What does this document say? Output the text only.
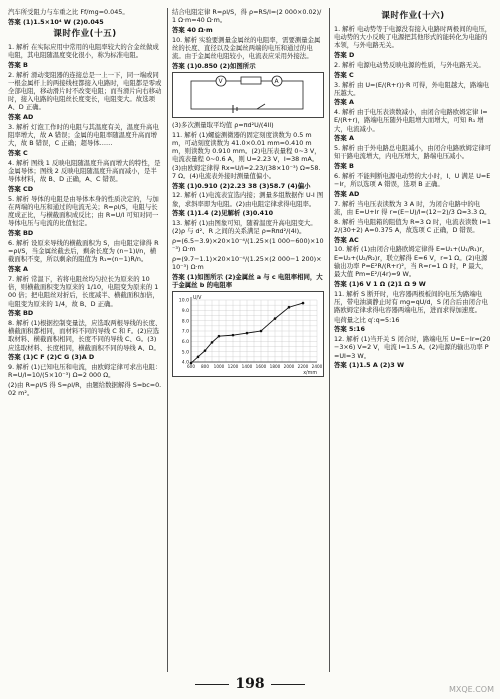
汽车所受阻力与车重之比 Ff/mg=0.045。
答案 (1)1.5×10⁴ W (2)0.045
课时作业(十五)
1. 解析 在实际应用中常用的电阻率较大的合金丝做成电阻，其电阻随温度变化很小，称为标准电阻。
答案 B
2. 解析 滑动变阻器的连接总是一上一下，同一端或同一根金属杆上的两接线柱都接入电路时，电阻都是零或全部电阻，移动滑片时不改变电阻；而当滑片向右移动时，接入电路的电阻丝长度变长，电阻变大。故选项 A、D 正确。
答案 AD
3. 解析 灯泡工作时的电阻与其温度有关，温度升高电阻率增大，故 A 错误；金属的电阻率随温度升高而增大，故 B 错误，C 正确；超导体……
答案 C
4. 解析 图线 1 反映电阻随温度升高而增大的特性，是金属导体；图线 2 反映电阻随温度升高而减小，是半导体材料，故 B、D 正确，A、C 错误。
答案 CD
5. 解析 导体的电阻是由导体本身的性质决定的，与加在两端的电压和通过的电流无关；R=ρl/S，电阻与长度成正比，与横截面积成反比；由 R=U/I 可知对同一导体电压与电流的比值恒定。
答案 BD
6. 解析 设原来导线的横截面积为 S，由电阻定律得 R=ρl/S，当金属丝截去后，剩余长度为 (n−1)l/n，横截面积不变，所以剩余的阻值为 R₁=(n−1)R/n。
答案 A
7. 解析 常温下，若将电阻丝均匀拉长为原来的 10 倍，则横截面积变为原来的 1/10，电阻变为原来的 100 倍；把电阻丝对折后，长度减半、横截面积加倍，电阻变为原来的 1/4，故 B、D 正确。
答案 BD
8. 解析 (1)根据控制变量法，应选取两根导线的长度、横截面积都相同，而材料不同的导线 C 和 F。(2)应选取材料、横截面积相同，长度不同的导线 C、G。(3)应选取材料、长度相同，横截面积不同的导线 A、D。
答案 (1)C F (2)C G (3)A D
9. 解析 (1)已知电压和电流，由欧姆定律可求出电阻：R=U/I=10/(5×10⁻³) Ω=2 000 Ω。
(2)由 R=ρl/S 得 S=ρl/R，由题给数据解得 S=bc=0.02 m²。
结合电阻定律 R=ρl/S，得 ρ=RS/l=(2 000×0.02)/1 Ω·m=40 Ω·m。
答案 40 Ω·m
10. 解析 实验要测量金属丝的电阻率，需要测量金属丝的长度、直径以及金属丝两端的电压和通过的电流。由于金属丝电阻较小，电流表应采用外接法。
答案 (1)0.850 (2)如图所示
V	A
(3)多次测量取平均值 ρ=πd²U/(4Il)
11. 解析 (1)螺旋测微器的固定刻度读数为 0.5 mm，可动刻度读数为 41.0×0.01 mm=0.410 mm，则读数为 0.910 mm。(2)电压表量程 0~3 V，电流表量程 0~0.6 A，则 U=2.23 V，I=38 mA。(3)由欧姆定律得 Rx=U/I=2.23/(38×10⁻³) Ω≈58.7 Ω。(4)电流表外接时测量值偏小。
答案 (1)0.910 (2)2.23 38 (3)58.7 (4)偏小
12. 解析 (1)电流表宜选内接；测量多组数据作 U-I 图象，求斜率即为电阻。(2)由电阻定律求得电阻率。
答案 (1)1.4 (2)见解析 (3)0.410
13. 解析 (1)由图象可知，随着温度升高电阻变大。(2)ρ 与 d²、R 之间的关系满足 ρ=Rπd²/(4l)。
ρ=(6.5−3.9)×20×10⁻⁴/(1.25×(1 000−600)×10⁻³) Ω·m
ρ=(9.7−1.1)×20×10⁻⁴/(1.25×(2 000−1 200)×10⁻³) Ω·m
答案 (1)如图所示 (2)金属丝 a 与 c 电阻率相同，大于金属丝 b 的电阻率
4.0
5.0
6.0
7.0
8.0
9.0
10.0
600 800 1000 1200 1400 1600 1800 2000 2200 2400
U/V
x/mm
课时作业(十六)
1. 解析 电动势等于电源没有接入电路时两极间的电压，电动势的大小反映了电源把其他形式的能转化为电能的本领，与外电路无关。
答案 D
2. 解析 电源电动势反映电源的性质，与外电路无关。
答案 C
3. 解析 由 U=(E/(R+r))·R 可得，外电阻越大，路端电压越大。
答案 A
4. 解析 由于电压表读数减小，由闭合电路欧姆定律 I=E/(R+r)，路端电压随外电阻增大而增大，可知 R₁ 增大，电流减小。
答案 A
5. 解析 由于外电路总电阻减小，由闭合电路欧姆定律可知干路电流增大，内电压增大，路端电压减小。
答案 B
6. 解析 不能判断电源电动势的大小时，I、U 满足 U=E−Ir，所以选项 A 错误，选项 B 正确。
答案 AD
7. 解析 当电压表读数为 3 A 时，为闭合电路中的电流，由 E=U+Ir 得 r=(E−U)/I=(12−2)/3 Ω≈3.3 Ω。
8. 解析 当电阻箱的阻值为 R=3 Ω 时，电流表读数 I=12/(30+2) A=0.375 A，故选项 C 正确，D 错误。
答案 AC
10. 解析 (1)由闭合电路欧姆定律得 E=U₁+(U₁/R₁)r，E=U₂+(U₂/R₂)r，联立解得 E=6 V，r=1 Ω。(2)电源输出功率 P=E²R/(R+r)²，当 R=r=1 Ω 时，P 最大，最大值 Pm=E²/(4r)=9 W。
答案 (1)6 V 1 Ω (2)1 Ω 9 W
11. 解析 S 断开时，电容器两极板间的电压为路端电压，带电油滴静止时有 mg=qU/d，S 闭合后由闭合电路欧姆定律求得电容器两端电压，进而求得加速度。
电荷量之比 q′:q=5:16
答案 5:16
12. 解析 (1)当开关 S 闭合时，路端电压 U=E−Ir=(20−3×6) V=2 V，电流 I=1.5 A。(2)电源的输出功率 P=UI=3 W。
答案 (1)1.5 A (2)3 W
198	MXQE.COM
